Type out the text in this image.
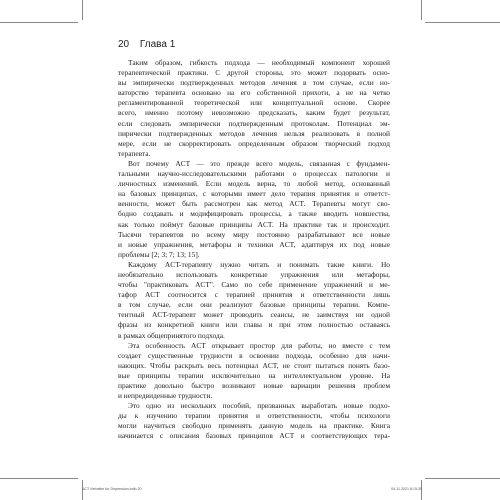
20 Глава 1

Таким образом, гибкость подхода — необходимый компонент хорошей
терапевтической практики. С другой стороны, это может подорвать осно-
вы эмпирически подтвержденных методов лечения в том случае, если но-
ваторство терапевта основано на его собственной прихоти, а не на четко
регламентированной теоретической или концептуальной основе. Скорее
всего, именно поэтому невозможно предсказать, каким будет результат,
если следовать эмпирически подтвержденным протоколам. Потенциал эм-
пирически подтвержденных методов лечения нельзя реализовать в полной
мере, если не скорректировать определенным образом творческий подход
терапевта.

Вот почему ACT — это прежде всего модель, связанная с фундамен-
тальными научно-исследовательскими работами о процессах патологии и
личностных изменений. Если модель верна, то любой метод, основанный
на базовых принципах, с которыми имеет дело терапия принятия и ответст-
венности, может быть рассмотрен как метод ACT. Терапевты могут сво-
бодно создавать и модифицировать процессы, а также вводить новшества,
как только поймут базовые принципы ACT. На практике так и происходит.
Тысячи терапевтов по всему миру постоянно разрабатывают все новые
и новые упражнения, метафоры и техники ACT, адаптируя их под новые
проблемы [2; 3; 7; 13; 15].

Каждому ACT-терапевту нужно читать и понимать такие книги. Но
необязательно использовать конкретные упражнения или метафоры,
чтобы "практиковать ACT". Само по себе применение упражнений и ме-
тафор ACT соотносится с терапией принятия и ответственности лишь
в том случае, если они реализуют базовые принципы терапии. Компе-
тентный ACT-терапевт может проводить сеансы, не заимствуя ни одной
фразы из конкретной книги или главы и при этом полностью оставаясь
в рамках общепринятого подхода.

Эта особенность ACT открывает простор для работы, но вместе с тем
создает существенные трудности в освоении подхода, особенно для начи-
нающих. Чтобы раскрыть весь потенциал ACT, не стоит пытаться понять базо-
вые принципы терапии исключительно на интеллектуальном уровне. На
практике довольно быстро возникают новые вариации решения проблем
и непредвиденные трудности.

Это одно из нескольких пособий, призванных выработать новые подхо-
ды к изучению терапии принятия и ответственности, чтобы психологи
могли научиться свободно применять данную модель на практике. Книга
начинается с описания базовых принципов ACT и соответствующих тера-

ACT Verbatim for Depression.indb 20	04.11.2021 8:15:35
